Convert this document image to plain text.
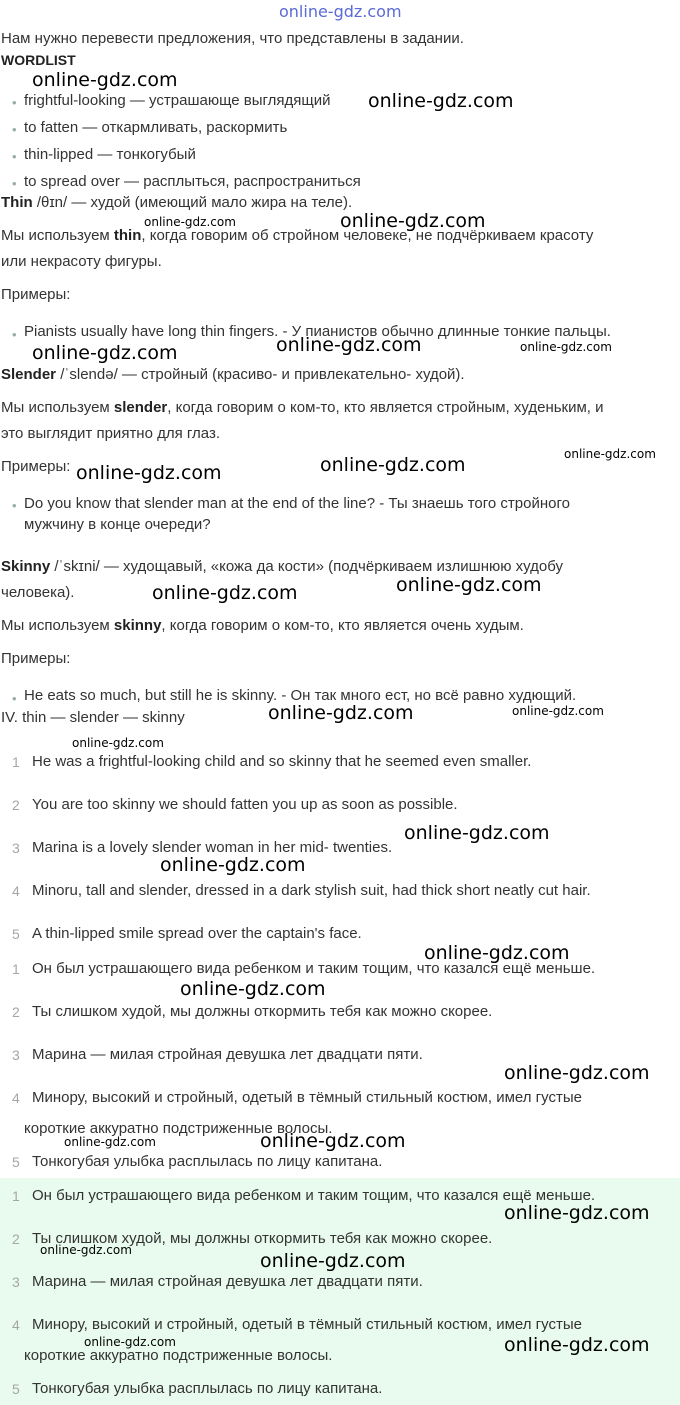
online-gdz.com
Нам нужно перевести предложения, что представлены в задании.
WORDLIST
• frightful-looking — устрашающе выглядящий
• to fatten — откармливать, раскормить
• thin-lipped — тонкогубый
• to spread over — расплыться, распространиться
Thin /θɪn/ — худой (имеющий мало жира на теле).
Мы используем thin, когда говорим об стройном человеке, не подчёркиваем красоту
или некрасоту фигуры.
Примеры:
• Pianists usually have long thin fingers. - У пианистов обычно длинные тонкие пальцы.
Slender /ˈslendə/ — стройный (красиво- и привлекательно- худой).
Мы используем slender, когда говорим о ком-то, кто является стройным, худеньким, и
это выглядит приятно для глаз.
Примеры:
• Do you know that slender man at the end of the line? - Ты знаешь того стройного
мужчину в конце очереди?
Skinny /ˈskɪni/ — худощавый, «кожа да кости» (подчёркиваем излишнюю худобу
человека).
Мы используем skinny, когда говорим о ком-то, кто является очень худым.
Примеры:
• He eats so much, but still he is skinny. - Он так много ест, но всё равно худющий.
IV. thin — slender — skinny
1 He was a frightful-looking child and so skinny that he seemed even smaller.
2 You are too skinny we should fatten you up as soon as possible.
3 Marina is a lovely slender woman in her mid- twenties.
4 Minoru, tall and slender, dressed in a dark stylish suit, had thick short neatly cut hair.
5 A thin-lipped smile spread over the captain's face.
1 Он был устрашающего вида ребенком и таким тощим, что казался ещё меньше.
2 Ты слишком худой, мы должны откормить тебя как можно скорее.
3 Марина — милая стройная девушка лет двадцати пяти.
4 Минору, высокий и стройный, одетый в тёмный стильный костюм, имел густые
короткие аккуратно подстриженные волосы.
5 Тонкогубая улыбка расплылась по лицу капитана.
1 Он был устрашающего вида ребенком и таким тощим, что казался ещё меньше.
2 Ты слишком худой, мы должны откормить тебя как можно скорее.
3 Марина — милая стройная девушка лет двадцати пяти.
4 Минору, высокий и стройный, одетый в тёмный стильный костюм, имел густые
короткие аккуратно подстриженные волосы.
5 Тонкогубая улыбка расплылась по лицу капитана.
online-gdz.com
online-gdz.com
online-gdz.com	online-gdz.com
online-gdz.com	online-gdz.com	online-gdz.com
online-gdz.com	online-gdz.com	online-gdz.com
online-gdz.com	online-gdz.com
online-gdz.com	online-gdz.com
online-gdz.com
online-gdz.com
online-gdz.com
online-gdz.com
online-gdz.com
online-gdz.com
online-gdz.com	online-gdz.com
online-gdz.com
online-gdz.com	online-gdz.com
online-gdz.com	online-gdz.com
